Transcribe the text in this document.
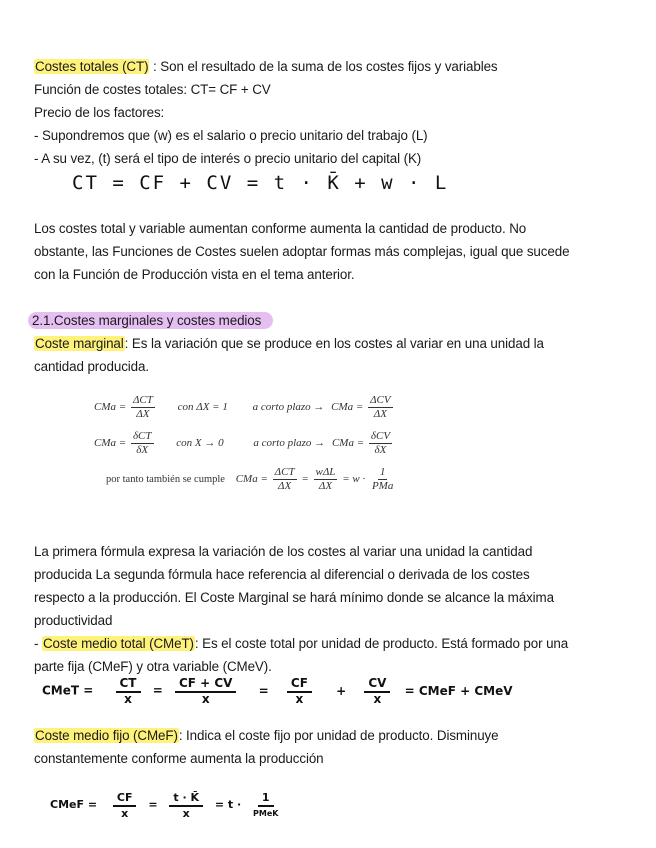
Costes totales (CT) : Son el resultado de la suma de los costes fijos y variables
Función de costes totales: CT= CF + CV
Precio de los factores:
- Supondremos que (w) es el salario o precio unitario del trabajo (L)
- A su vez, (t) será el tipo de interés o precio unitario del capital (K)
CT = CF + CV = t · K̄ + w · L
Los costes total y variable aumentan conforme aumenta la cantidad de producto. No
obstante, las Funciones de Costes suelen adoptar formas más complejas, igual que sucede
con la Función de Producción vista en el tema anterior.
2.1.Costes marginales y costes medios
Coste marginal: Es la variación que se produce en los costes al variar en una unidad la
cantidad producida.
CMa = $\frac{\text{ΔCT}}{\Delta X}$ con ΔX = 1 a corto plazo → CMa = $\frac{\text{ΔCV}}{\Delta X}$
CMa = $\frac{\text{δCT}}{\delta X}$ con X → 0	a corto plazo → CMa = $\frac{\text{δCV}}{\delta X}$
por tanto también se cumple CMa = $\frac{\text{ΔCT}}{\Delta X} = \frac{\text{wΔL}}{\Delta X} = w \cdot \frac{1}{\text{PMa}}$
La primera fórmula expresa la variación de los costes al variar una unidad la cantidad
producida La segunda fórmula hace referencia al diferencial o derivada de los costes
respecto a la producción. El Coste Marginal se hará mínimo donde se alcance la máxima
productividad
- Coste medio total (CMeT): Es el coste total por unidad de producto. Está formado por una
parte fija (CMeF) y otra variable (CMeV).
CMeT = $\frac{CT}{x} = \frac{CF + CV}{x} = \frac{CF}{x} + \frac{CV}{x}$ = CMeF + CMeV
Coste medio fijo (CMeF): Indica el coste fijo por unidad de producto. Disminuye
constantemente conforme aumenta la producción
CMeF = $\frac{CF}{x} = \frac{t \cdot K̄}{x} = t$ ·
1
PMeK
